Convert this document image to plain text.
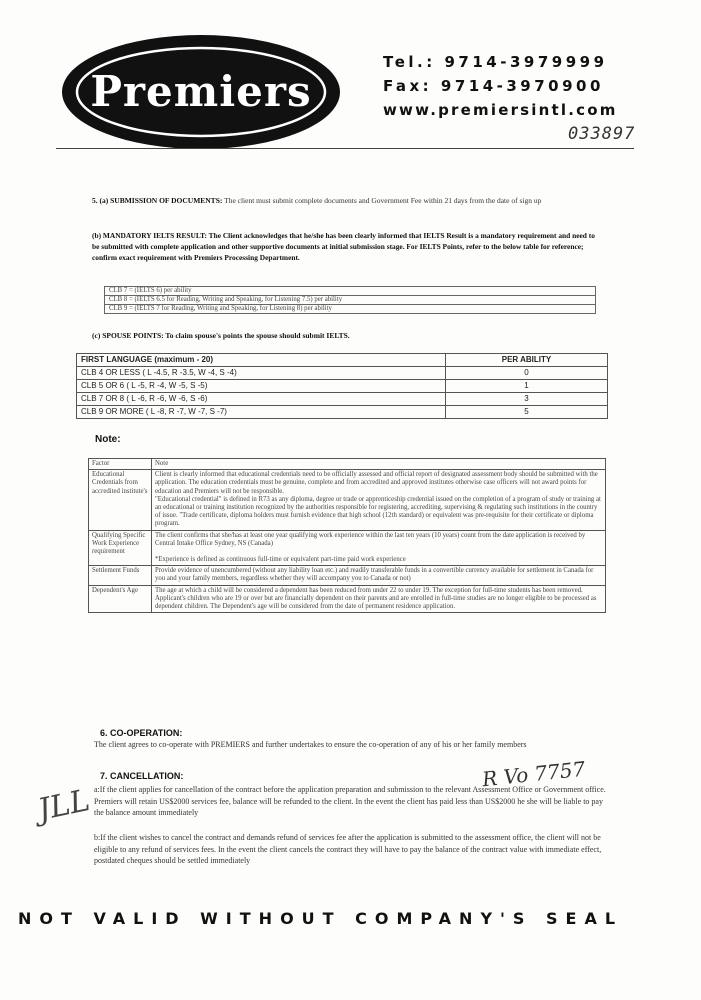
Premiers
Tel.: 9714-3979999
Fax: 9714-3970900
www.premiersintl.com
033897
5. (a) SUBMISSION OF DOCUMENTS: The client must submit complete documents and Government Fee within 21 days from the date of sign up
(b) MANDATORY IELTS RESULT: The Client acknowledges that he/she has been clearly informed that IELTS Result is a mandatory requirement and need to be submitted with complete application and other supportive documents at initial submission stage. For IELTS Points, refer to the below table for reference; confirm exact requirement with Premiers Processing Department.
CLB 7 = (IELTS 6) per ability
CLB 8 = (IELTS 6.5 for Reading, Writing and Speaking, for Listening 7.5) per ability
CLB 9 = (IELTS 7 for Reading, Writing and Speaking, for Listening 8) per ability
(c) SPOUSE POINTS: To claim spouse's points the spouse should submit IELTS.
FIRST LANGUAGE (maximum - 20)	PER ABILITY
CLB 4 OR LESS ( L -4.5, R -3.5, W -4, S -4)	0
CLB 5 OR 6 ( L -5, R -4, W -5, S -5)	1
CLB 7 OR 8 ( L -6, R -6, W -6, S -6)	3
CLB 9 OR MORE ( L -8, R -7, W -7, S -7)	5
Note:
Factor	Note
Educational Credentials from accredited institute's	Client is clearly informed that educational credentials need to be officially assessed and official report of designated assessment body should be submitted with the application. The education credentials must be genuine, complete and from accredited and approved institutes otherwise case officers will not award points for education and Premiers will not be responsible.
"Educational credential" is defined in R73 as any diploma, degree or trade or apprenticeship credential issued on the completion of a program of study or training at an educational or training institution recognized by the authorities responsible for registering, accrediting, supervising & regulating such institutions in the country of issue. "Trade certificate, diploma holders must furnish evidence that high school (12th standard) or equivalent was pre-requisite for their certificate or diploma program.

Qualifying Specific Work Experience requirement	The client confirms that she/has at least one year qualifying work experience within the last ten years (10 years) count from the date application is received by Central Intake Office Sydney, NS (Canada)
*Experience is defined as continuous full-time or equivalent part-time paid work experience

Settlement Funds	Provide evidence of unencumbered (without any liability loan etc.) and readily transferable funds in a convertible currency available for settlement in Canada for you and your family members, regardless whether they will accompany you to Canada or not)

Dependent's Age	The age at which a child will be considered a dependent has been reduced from under 22 to under 19. The exception for full-time students has been removed. Applicant's children who are 19 or over but are financially dependent on their parents and are enrolled in full-time studies are no longer eligible to be processed as dependent children. The Dependent's age will be considered from the date of permanent residence application.
6. CO-OPERATION:
The client agrees to co-operate with PREMIERS and further undertakes to ensure the co-operation of any of his or her family members
R Vo 7757
7. CANCELLATION:
a:If the client applies for cancellation of the contract before the application preparation and submission to the relevant Assessment Office or Government office. Premiers will retain US$2000 services fee, balance will be refunded to the client. In the event the client has paid less than US$2000 he she will be liable to pay the balance amount immediately
b:If the client wishes to cancel the contract and demands refund of services fee after the application is submitted to the assessment office, the client will not be eligible to any refund of services fees. In the event the client cancels the contract they will have to pay the balance of the contract value with immediate effect, postdated cheques should be settled immediately
JLL
NOT VALID WITHOUT COMPANY'S SEAL
